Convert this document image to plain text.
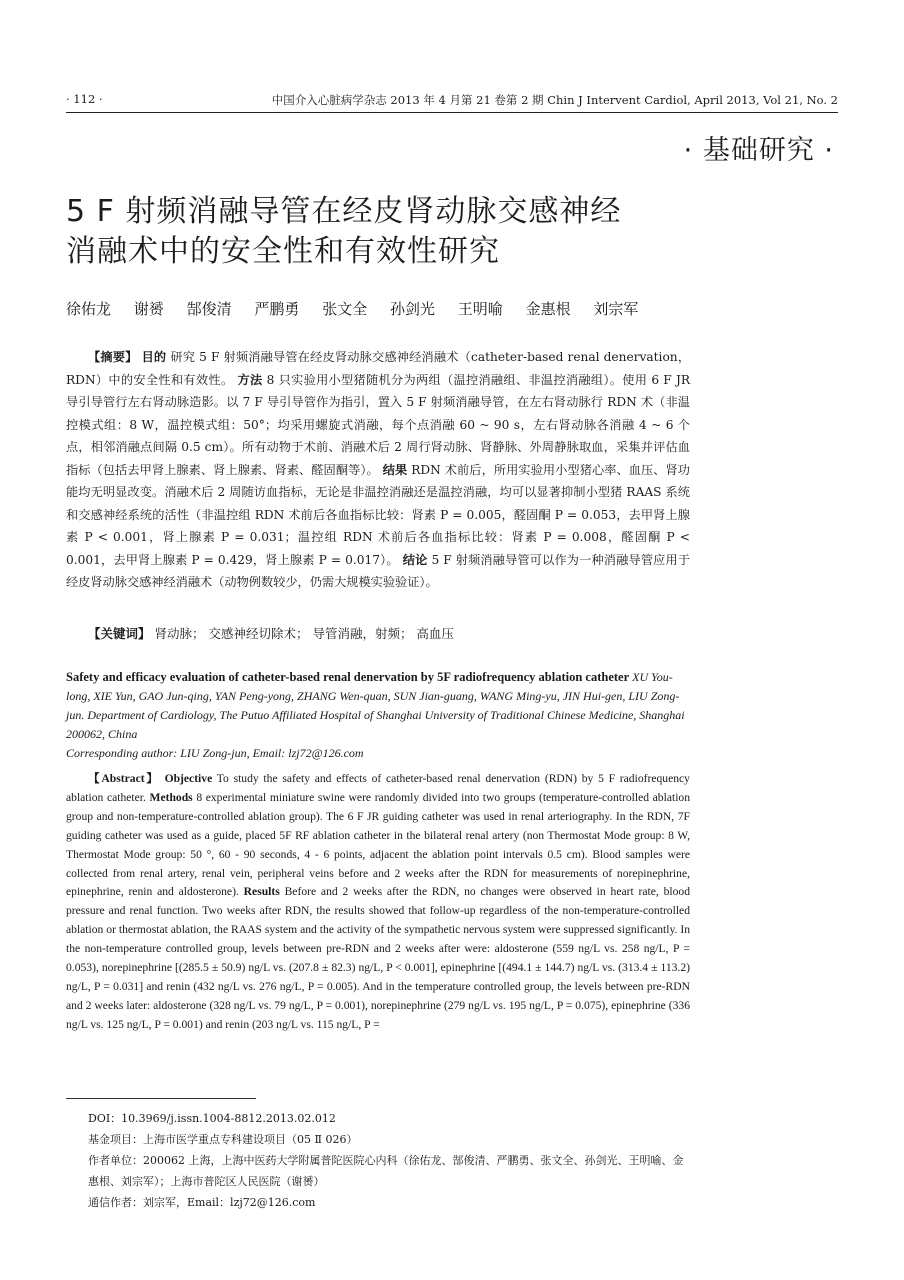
· 112 ·	中国介入心脏病学杂志 2013 年 4 月第 21 卷第 2 期 Chin J Intervent Cardiol, April 2013, Vol 21, No. 2
· 基础研究 ·
5 F 射频消融导管在经皮肾动脉交感神经
消融术中的安全性和有效性研究
徐佑龙 谢赟 郜俊清 严鹏勇 张文全 孙剑光 王明喻 金惠根 刘宗军
【摘要】 目的 研究 5 F 射频消融导管在经皮肾动脉交感神经消融术（catheter-based renal denervation，RDN）中的安全性和有效性。 方法 8 只实验用小型猪随机分为两组（温控消融组、非温控消融组）。使用 6 F JR 导引导管行左右肾动脉造影。以 7 F 导引导管作为指引，置入 5 F 射频消融导管，在左右肾动脉行 RDN 术（非温控模式组：8 W，温控模式组：50°；均采用螺旋式消融，每个点消融 60 ~ 90 s，左右肾动脉各消融 4 ~ 6 个点，相邻消融点间隔 0.5 cm）。所有动物于术前、消融术后 2 周行肾动脉、肾静脉、外周静脉取血，采集并评估血指标（包括去甲肾上腺素、肾上腺素、肾素、醛固酮等）。 结果 RDN 术前后，所用实验用小型猪心率、血压、肾功能均无明显改变。消融术后 2 周随访血指标，无论是非温控消融还是温控消融，均可以显著抑制小型猪 RAAS 系统和交感神经系统的活性（非温控组 RDN 术前后各血指标比较：肾素 P = 0.005，醛固酮 P = 0.053，去甲肾上腺素 P < 0.001，肾上腺素 P = 0.031；温控组 RDN 术前后各血指标比较：肾素 P = 0.008，醛固酮 P < 0.001，去甲肾上腺素 P = 0.429，肾上腺素 P = 0.017）。 结论 5 F 射频消融导管可以作为一种消融导管应用于经皮肾动脉交感神经消融术（动物例数较少，仍需大规模实验验证）。
【关键词】 肾动脉； 交感神经切除术； 导管消融，射频； 高血压
Safety and efficacy evaluation of catheter-based renal denervation by 5F radiofrequency ablation catheter XU You-long, XIE Yun, GAO Jun-qing, YAN Peng-yong, ZHANG Wen-quan, SUN Jian-guang, WANG Ming-yu, JIN Hui-gen, LIU Zong-jun. Department of Cardiology, The Putuo Affiliated Hospital of Shanghai University of Traditional Chinese Medicine, Shanghai 200062, China
Corresponding author: LIU Zong-jun, Email: lzj72@126.com
【Abstract】 Objective To study the safety and effects of catheter-based renal denervation (RDN) by 5 F radiofrequency ablation catheter. Methods 8 experimental miniature swine were randomly divided into two groups (temperature-controlled ablation group and non-temperature-controlled ablation group). The 6 F JR guiding catheter was used in renal arteriography. In the RDN, 7F guiding catheter was used as a guide, placed 5F RF ablation catheter in the bilateral renal artery (non Thermostat Mode group: 8 W, Thermostat Mode group: 50 °, 60 - 90 seconds, 4 - 6 points, adjacent the ablation point intervals 0.5 cm). Blood samples were collected from renal artery, renal vein, peripheral veins before and 2 weeks after the RDN for measurements of norepinephrine, epinephrine, renin and aldosterone). Results Before and 2 weeks after the RDN, no changes were observed in heart rate, blood pressure and renal function. Two weeks after RDN, the results showed that follow-up regardless of the non-temperature-controlled ablation or thermostat ablation, the RAAS system and the activity of the sympathetic nervous system were suppressed significantly. In the non-temperature controlled group, levels between pre-RDN and 2 weeks after were: aldosterone (559 ng/L vs. 258 ng/L, P = 0.053), norepinephrine [(285.5 ± 50.9) ng/L vs. (207.8 ± 82.3) ng/L, P < 0.001], epinephrine [(494.1 ± 144.7) ng/L vs. (313.4 ± 113.2) ng/L, P = 0.031] and renin (432 ng/L vs. 276 ng/L, P = 0.005). And in the temperature controlled group, the levels between pre-RDN and 2 weeks later: aldosterone (328 ng/L vs. 79 ng/L, P = 0.001), norepinephrine (279 ng/L vs. 195 ng/L, P = 0.075), epinephrine (336 ng/L vs. 125 ng/L, P = 0.001) and renin (203 ng/L vs. 115 ng/L, P =
DOI：10.3969/j.issn.1004-8812.2013.02.012
基金项目：上海市医学重点专科建设项目（05 Ⅱ 026）
作者单位：200062 上海，上海中医药大学附属普陀医院心内科（徐佑龙、郜俊清、严鹏勇、张文全、孙剑光、王明喻、金惠根、刘宗军）；上海市普陀区人民医院（谢赟）
通信作者：刘宗军，Email：lzj72@126.com
